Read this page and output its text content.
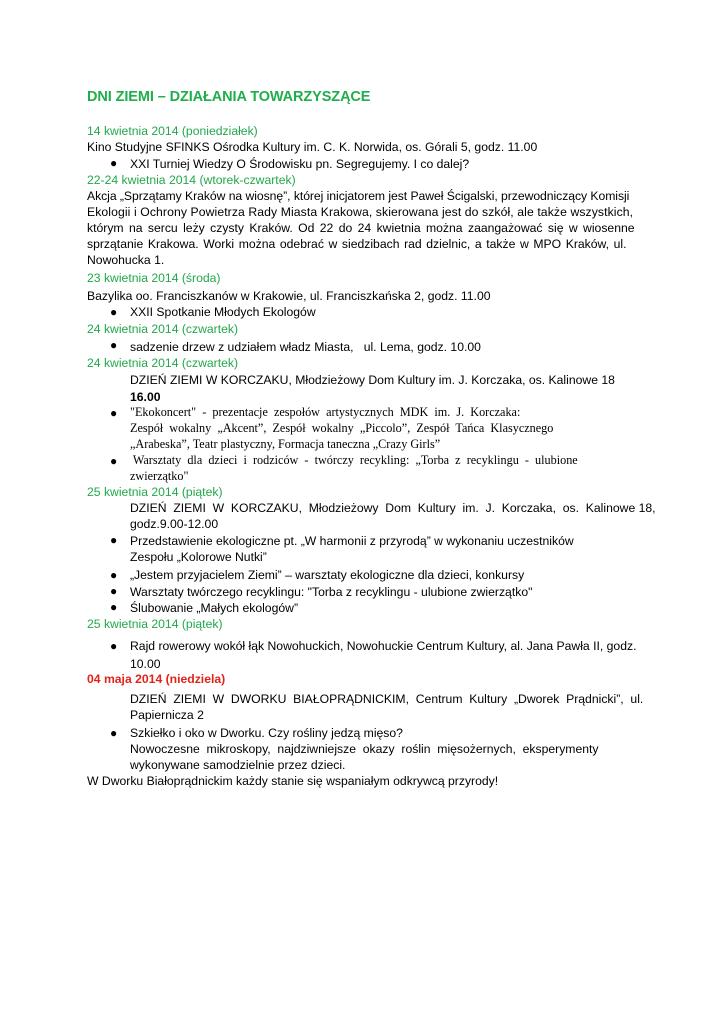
DNI ZIEMI – DZIAŁANIA TOWARZYSZĄCE
14 kwietnia 2014 (poniedziałek)
Kino Studyjne SFINKS Ośrodka Kultury im. C. K. Norwida, os. Górali 5, godz. 11.00
●	XXI Turniej Wiedzy O Środowisku pn. Segregujemy. I co dalej?
22-24 kwietnia 2014 (wtorek-czwartek)
Akcja „Sprzątamy Kraków na wiosnę”, której inicjatorem jest Paweł Ścigalski, przewodniczący Komisji
Ekologii i Ochrony Powietrza Rady Miasta Krakowa, skierowana jest do szkół, ale także wszystkich,
którym na sercu leży czysty Kraków. Od 22 do 24 kwietnia można zaangażować się w wiosenne
sprzątanie Krakowa. Worki można odebrać w siedzibach rad dzielnic, a także w MPO Kraków, ul.
Nowohucka 1.
23 kwietnia 2014 (środa)
Bazylika oo. Franciszkanów w Krakowie, ul. Franciszkańska 2, godz. 11.00
●	XXII Spotkanie Młodych Ekologów
24 kwietnia 2014 (czwartek)
●	sadzenie drzew z udziałem władz Miasta,   ul. Lema, godz. 10.00
24 kwietnia 2014 (czwartek)
DZIEŃ ZIEMI W KORCZAKU, Młodzieżowy Dom Kultury im. J. Korczaka, os. Kalinowe 18
16.00
●	"Ekokoncert"  -  prezentacje  zespołów  artystycznych  MDK  im.  J.  Korczaka:
Zespół  wokalny  „Akcent”,  Zespół  wokalny  „Piccolo”,  Zespół  Tańca  Klasycznego
„Arabeska”, Teatr plastyczny, Formacja taneczna „Crazy Girls”
●	Warsztaty  dla  dzieci  i  rodziców  -  twórczy  recykling:  „Torba  z  recyklingu  -  ulubione
zwierzątko"
25 kwietnia 2014 (piątek)
DZIEŃ  ZIEMI  W  KORCZAKU,  Młodzieżowy  Dom  Kultury  im.  J.  Korczaka,  os.  Kalinowe 18,
godz.9.00-12.00
●	Przedstawienie ekologiczne pt. „W harmonii z przyrodą” w wykonaniu uczestników
Zespołu „Kolorowe Nutki”
●	„Jestem przyjacielem Ziemi” – warsztaty ekologiczne dla dzieci, konkursy
●	Warsztaty twórczego recyklingu: "Torba z recyklingu - ulubione zwierzątko"
●	Ślubowanie „Małych ekologów”
25 kwietnia 2014 (piątek)
●	Rajd rowerowy wokół łąk Nowohuckich, Nowohuckie Centrum Kultury, al. Jana Pawła II, godz.
10.00
04 maja 2014 (niedziela)
DZIEŃ  ZIEMI  W  DWORKU  BIAŁOPRĄDNICKIM,  Centrum  Kultury  „Dworek  Prądnicki”,  ul.
Papiernicza 2
●	Szkiełko i oko w Dworku. Czy rośliny jedzą mięso?
Nowoczesne  mikroskopy,  najdziwniejsze  okazy  roślin  mięsożernych,  eksperymenty
wykonywane samodzielnie przez dzieci.
W Dworku Białoprądnickim każdy stanie się wspaniałym odkrywcą przyrody!
